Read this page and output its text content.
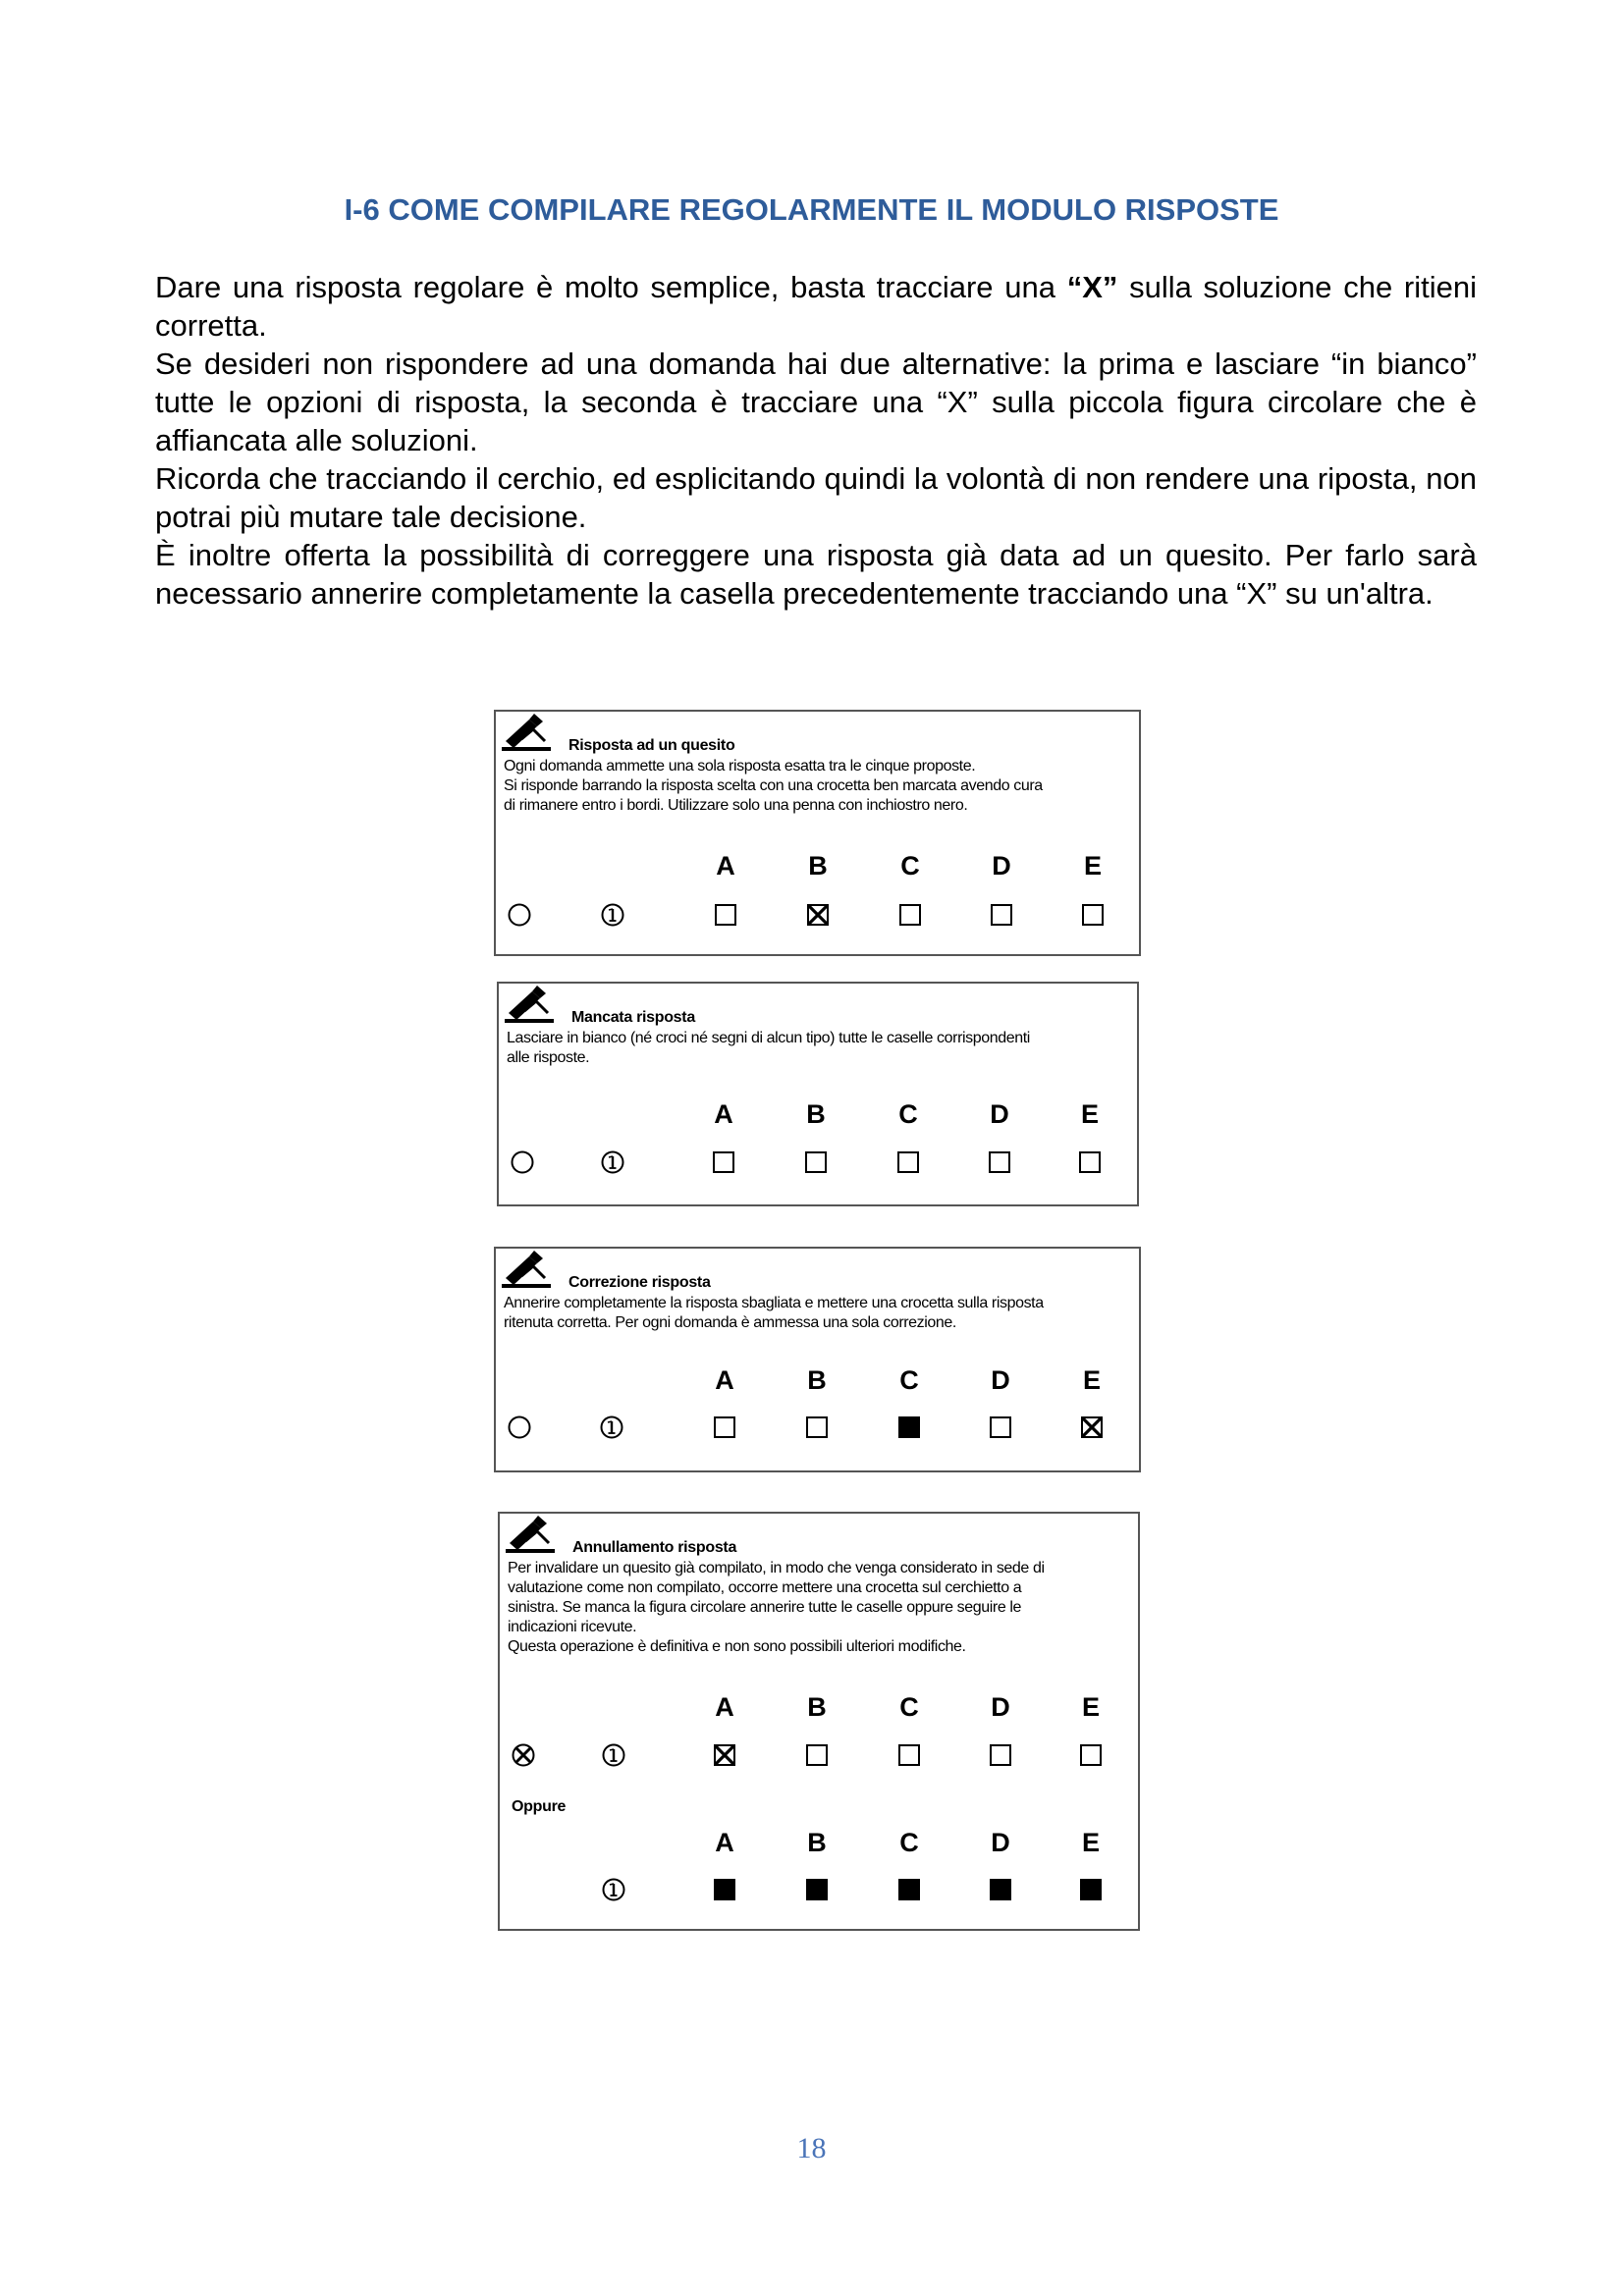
I-6 COME COMPILARE REGOLARMENTE IL MODULO RISPOSTE

Dare una risposta regolare è molto semplice, basta tracciare una “X” sulla soluzione che ritieni corretta.

Se desideri non rispondere ad una domanda hai due alternative: la prima e lasciare “in bianco” tutte le opzioni di risposta, la seconda è tracciare una “X” sulla piccola figura circolare che è affiancata alle soluzioni.

Ricorda che tracciando il cerchio, ed esplicitando quindi la volontà di non rendere una riposta, non potrai più mutare tale decisione.

È inoltre offerta la possibilità di correggere una risposta già data ad un quesito. Per farlo sarà necessario annerire completamente la casella precedentemente tracciando una “X” su un'altra.

Risposta ad un quesito
Ogni domanda ammette una sola risposta esatta tra le cinque proposte.
Si risponde barrando la risposta scelta con una crocetta ben marcata avendo cura
di rimanere entro i bordi. Utilizzare solo una penna con inchiostro nero.
A	B	C	D	E
Mancata risposta
Lasciare in bianco (né croci né segni di alcun tipo) tutte le caselle corrispondenti
alle risposte.
A	B	C	D	E
Correzione risposta
Annerire completamente la risposta sbagliata e mettere una crocetta sulla risposta
ritenuta corretta. Per ogni domanda è ammessa una sola correzione.
A	B	C	D	E
Annullamento risposta
Per invalidare un quesito già compilato, in modo che venga considerato in sede di
valutazione come non compilato, occorre mettere una crocetta sul cerchietto a
sinistra. Se manca la figura circolare annerire tutte le caselle oppure seguire le
indicazioni ricevute.
Questa operazione è definitiva e non sono possibili ulteriori modifiche.
A	B	C	D	E
Oppure
A	B	C	D	E
18
